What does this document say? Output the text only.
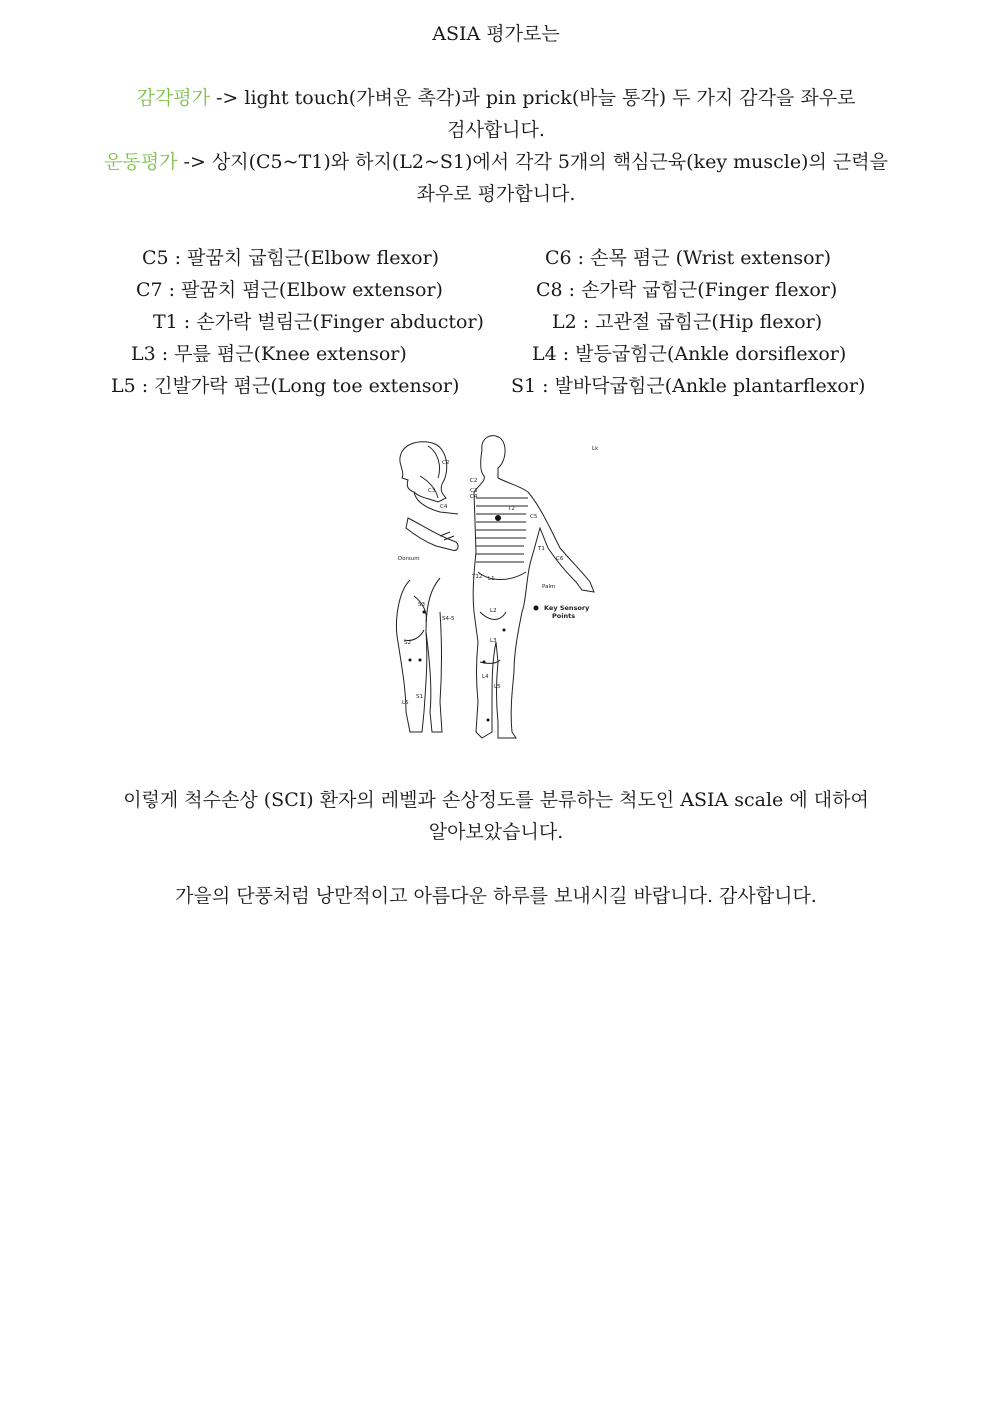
ASIA 평가로는
감각평가 -> light touch(가벼운 촉각)과 pin prick(바늘 통각) 두 가지 감각을 좌우로
검사합니다.
운동평가 -> 상지(C5~T1)와 하지(L2~S1)에서 각각 5개의 핵심근육(key muscle)의 근력을
좌우로 평가합니다.
C5 : 팔꿈치 굽힘근(Elbow flexor)	C6 : 손목 폄근 (Wrist extensor)
C7 : 팔꿈치 폄근(Elbow extensor)	C8 : 손가락 굽힘근(Finger flexor)
T1 : 손가락 벌림근(Finger abductor)	L2 : 고관절 굽힘근(Hip flexor)
L3 : 무릎 폄근(Knee extensor)	L4 : 발등굽힘근(Ankle dorsiflexor)
L5 : 긴발가락 폄근(Long toe extensor)	S1 : 발바닥굽힘근(Ankle plantarflexor)
C2
C3
C4
C2
C3
C4
C5
C6
T1
T2
T12 L1
L2
L3
L4
L5
S1
L5
S2
S3
S4-5
Dorsum
Palm
Lk
Key Sensory
Points
이렇게 척수손상 (SCI) 환자의 레벨과 손상정도를 분류하는 척도인 ASIA scale 에 대하여
알아보았습니다.
가을의 단풍처럼 낭만적이고 아름다운 하루를 보내시길 바랍니다. 감사합니다.
